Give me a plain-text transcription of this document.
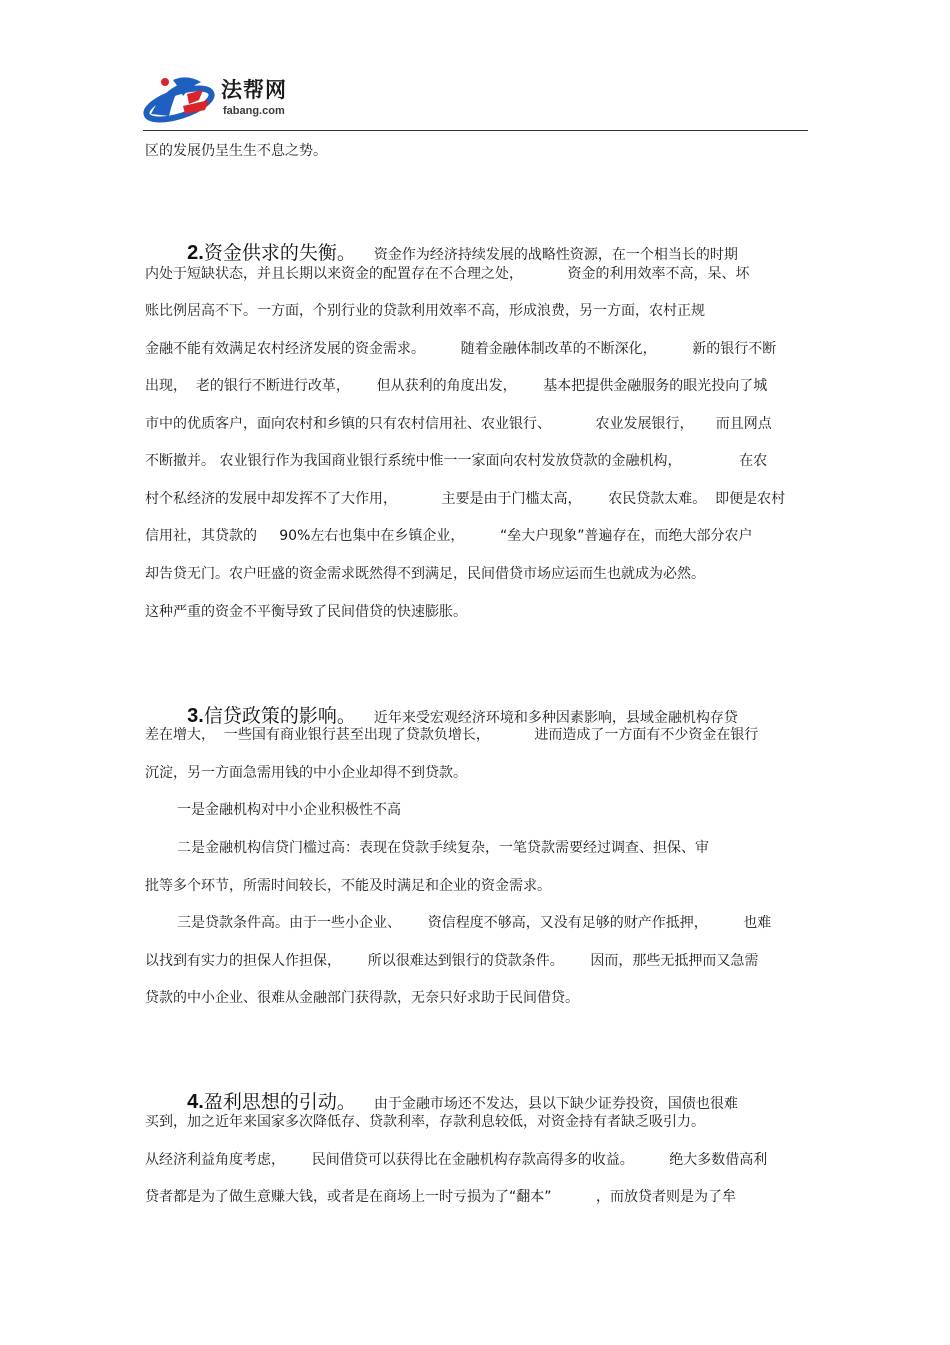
法帮网
fabang.com
区的发展仍呈生生不息之势。

2.资金供求的失衡。 资金作为经济持续发展的战略性资源，在一个相当长的时期

内处于短缺状态，并且长期以来资金的配置存在不合理之处，          资金的利用效率不高，呆、坏
账比例居高不下。一方面，个别行业的贷款利用效率不高，形成浪费，另一方面，农村正规
金融不能有效满足农村经济发展的资金需求。        随着金融体制改革的不断深化，        新的银行不断
出现，  老的银行不断进行改革，      但从获利的角度出发，      基本把提供金融服务的眼光投向了城
市中的优质客户，面向农村和乡镇的只有农村信用社、农业银行、          农业发展银行，     而且网点
不断撤并。 农业银行作为我国商业银行系统中惟一一家面向农村发放贷款的金融机构，             在农
村个私经济的发展中却发挥不了大作用，          主要是由于门槛太高，      农民贷款太难。  即便是农村
信用社，其贷款的     90%左右也集中在乡镇企业，        “垒大户现象”普遍存在，而绝大部分农户
却告贷无门。农户旺盛的资金需求既然得不到满足，民间借贷市场应运而生也就成为必然。
这种严重的资金不平衡导致了民间借贷的快速膨胀。

3.信贷政策的影响。 近年来受宏观经济环境和多种因素影响，县域金融机构存贷

差在增大，  一些国有商业银行甚至出现了贷款负增长，          进而造成了一方面有不少资金在银行
沉淀，另一方面急需用钱的中小企业却得不到贷款。
一是金融机构对中小企业积极性不高
二是金融机构信贷门槛过高：表现在贷款手续复杂，一笔贷款需要经过调查、担保、审
批等多个环节，所需时间较长，不能及时满足和企业的资金需求。
三是贷款条件高。由于一些小企业、      资信程度不够高，又没有足够的财产作抵押，        也难
以找到有实力的担保人作担保，      所以很难达到银行的贷款条件。      因而，那些无抵押而又急需
贷款的中小企业、很难从金融部门获得款，无奈只好求助于民间借贷。

4.盈利思想的引动。 由于金融市场还不发达，县以下缺少证券投资，国债也很难

买到，加之近年来国家多次降低存、贷款利率，存款利息较低，对资金持有者缺乏吸引力。
从经济利益角度考虑，      民间借贷可以获得比在金融机构存款高得多的收益。        绝大多数借高利
贷者都是为了做生意赚大钱，或者是在商场上一时亏损为了“翻本”          ，而放贷者则是为了牟
